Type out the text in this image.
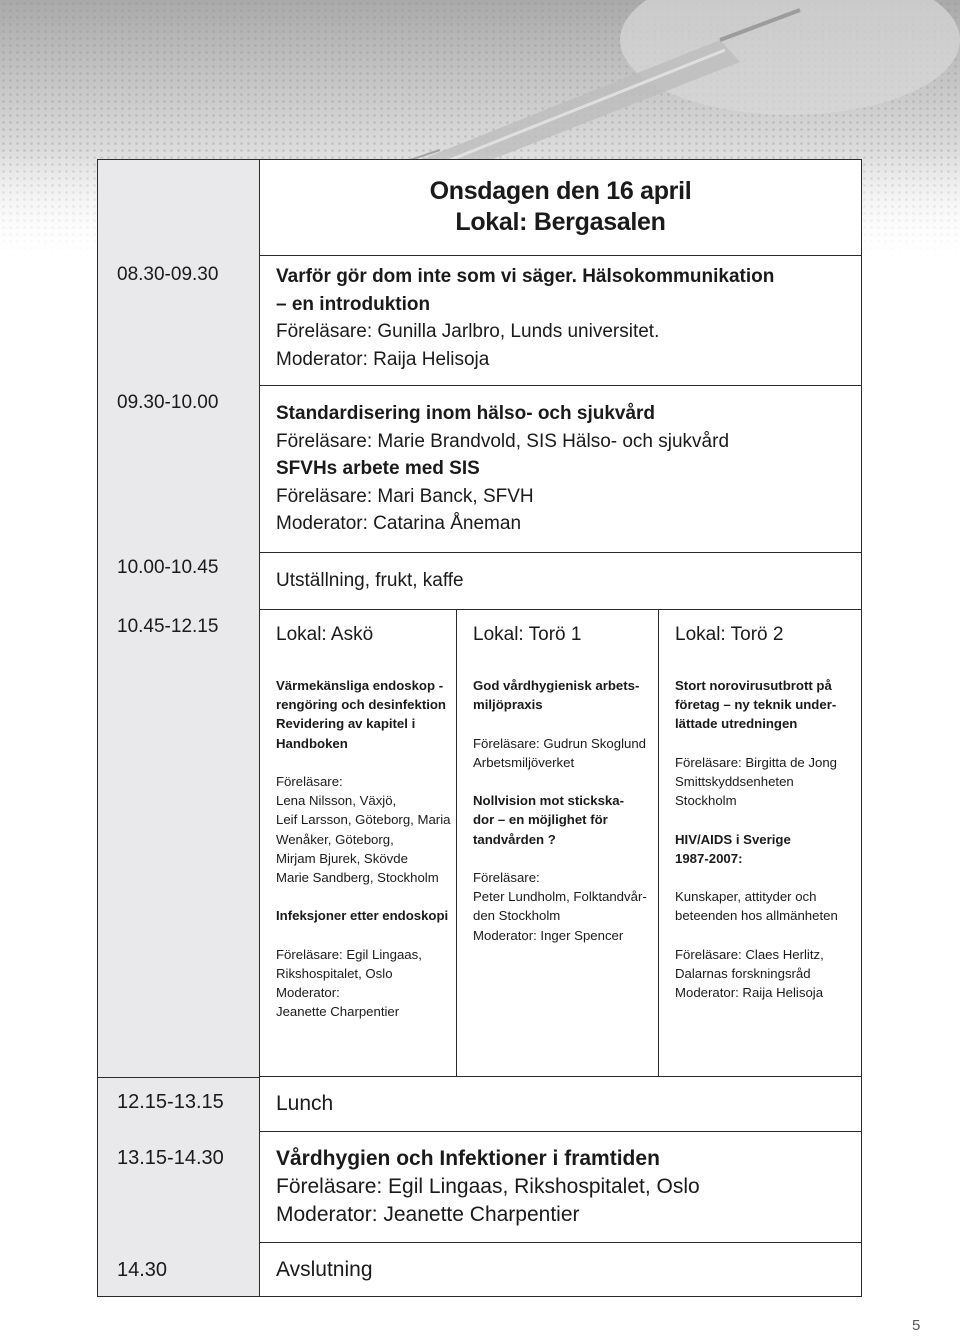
Onsdagen den 16 april
Lokal: Bergasalen
08.30-09.30
09.30-10.00
10.00-10.45
10.45-12.15
12.15-13.15
13.15-14.30
14.30
Varför gör dom inte som vi säger. Hälsokommunikation
– en introduktion
Föreläsare: Gunilla Jarlbro, Lunds universitet.
Moderator: Raija Helisoja
Standardisering inom hälso- och sjukvård
Föreläsare: Marie Brandvold, SIS Hälso- och sjukvård
SFVHs arbete med SIS
Föreläsare: Mari Banck, SFVH
Moderator: Catarina Åneman
Utställning, frukt, kaffe
Lokal: Askö
Värmekänsliga endoskop -
rengöring och desinfektion
Revidering av kapitel i
Handboken
Föreläsare:
Lena Nilsson, Växjö,
Leif Larsson, Göteborg, Maria
Wenåker, Göteborg,
Mirjam Bjurek, Skövde
Marie Sandberg, Stockholm
Infeksjoner etter endoskopi
Föreläsare: Egil Lingaas,
Rikshospitalet, Oslo
Moderator:
Jeanette Charpentier
Lokal: Torö 1
God vårdhygienisk arbets-
miljöpraxis
Föreläsare: Gudrun Skoglund
Arbetsmiljöverket
Nollvision mot stickska-
dor – en möjlighet för
tandvården ?
Föreläsare:
Peter Lundholm, Folktandvår-
den Stockholm
Moderator: Inger Spencer
Lokal: Torö 2
Stort norovirusutbrott på
företag – ny teknik under-
lättade utredningen
Föreläsare: Birgitta de Jong
Smittskyddsenheten
Stockholm
HIV/AIDS i Sverige
1987-2007:
Kunskaper, attityder och
beteenden hos allmänheten
Föreläsare: Claes Herlitz,
Dalarnas forskningsråd
Moderator: Raija Helisoja
Lunch
Vårdhygien och Infektioner i framtiden
Föreläsare: Egil Lingaas, Rikshospitalet, Oslo
Moderator: Jeanette Charpentier
Avslutning
5
